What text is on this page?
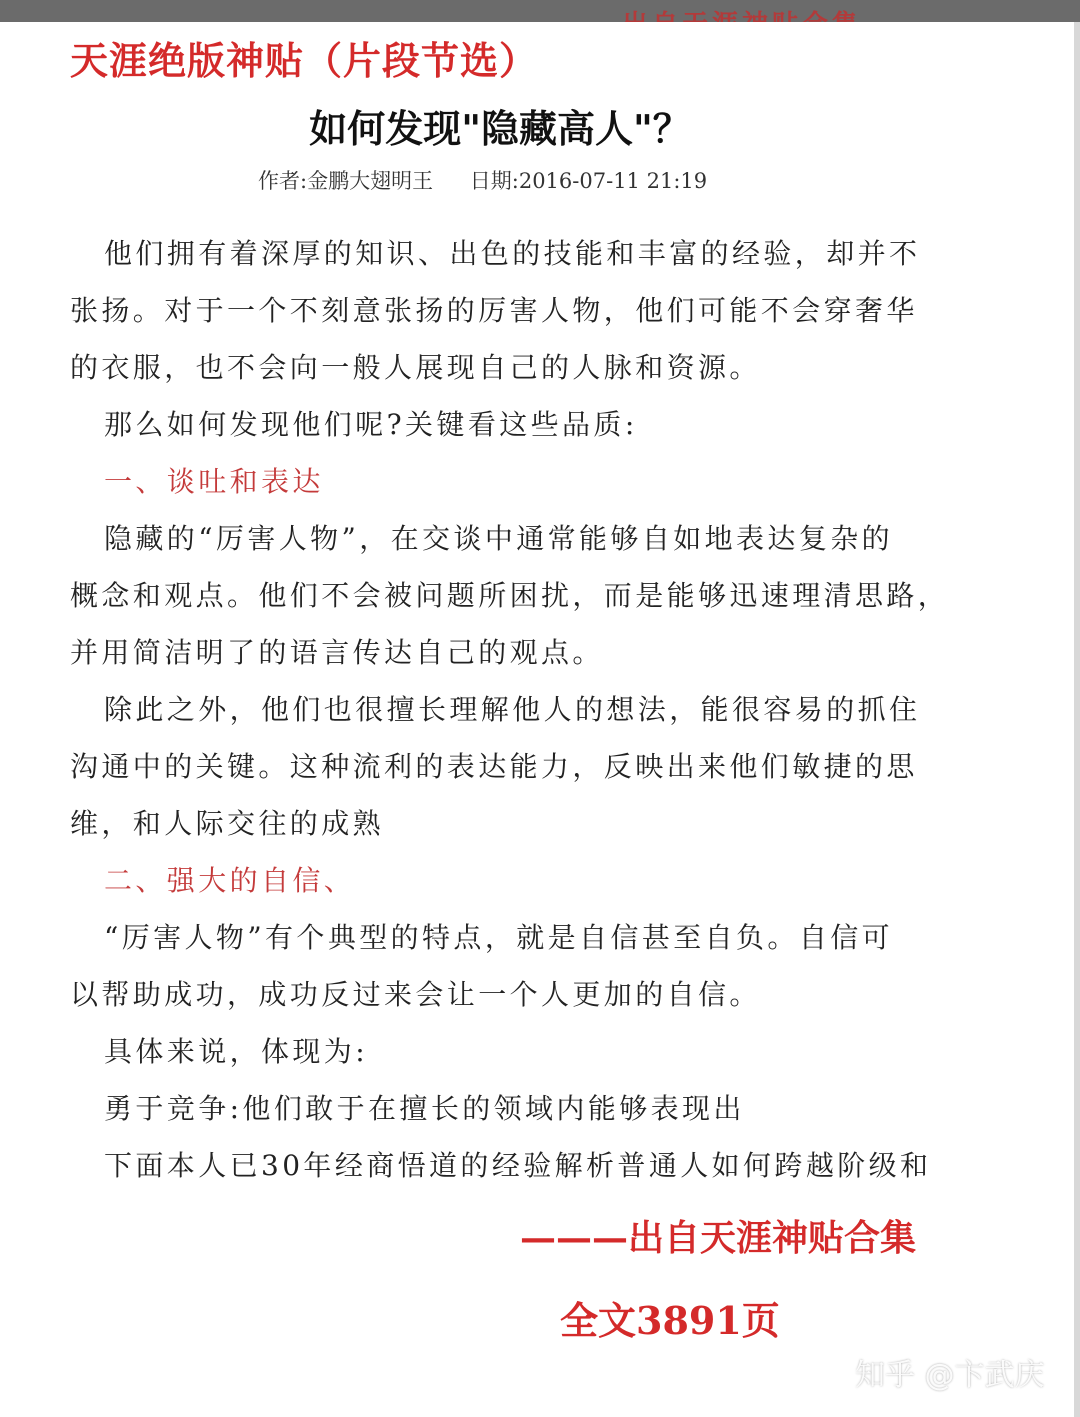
天涯绝版神贴（片段节选）
如何发现"隐藏高人"？
作者:金鹏大翅明王 日期:2016-07-11 21:19
他们拥有着深厚的知识、出色的技能和丰富的经验，却并不
张扬。对于一个不刻意张扬的厉害人物，他们可能不会穿奢华
的衣服，也不会向一般人展现自己的人脉和资源。
那么如何发现他们呢?关键看这些品质:
一、谈吐和表达
隐藏的“厉害人物”，在交谈中通常能够自如地表达复杂的
概念和观点。他们不会被问题所困扰，而是能够迅速理清思路，
并用简洁明了的语言传达自己的观点。
除此之外，他们也很擅长理解他人的想法，能很容易的抓住
沟通中的关键。这种流利的表达能力，反映出来他们敏捷的思
维，和人际交往的成熟
二、强大的自信、
“厉害人物”有个典型的特点，就是自信甚至自负。自信可
以帮助成功，成功反过来会让一个人更加的自信。
具体来说，体现为:
勇于竞争:他们敢于在擅长的领域内能够表现出
下面本人已30年经商悟道的经验解析普通人如何跨越阶级和
———出自天涯神贴合集
全文3891页
知乎 @卞武庆
